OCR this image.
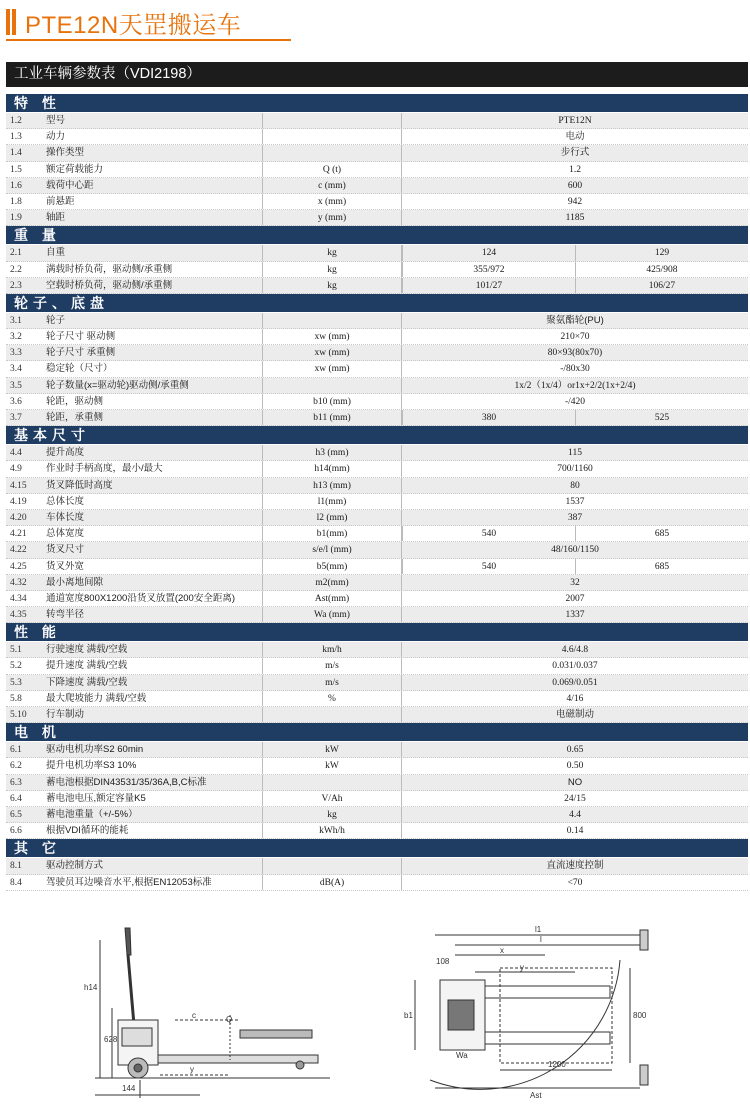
PTE12N天罡搬运车
工业车辆参数表（VDI2198）
特 性
1.2	型号	PTE12N
1.3	动力	电动
1.4	操作类型	步行式
1.5	额定荷载能力	Q (t)	1.2
1.6	载荷中心距	c (mm)	600
1.8	前悬距	x (mm)	942
1.9	轴距	y (mm)	1185
重 量
2.1	自重	kg	124	129
2.2	满载时桥负荷，驱动侧/承重侧	kg	355/972	425/908
2.3	空载时桥负荷，驱动侧/承重侧	kg	101/27	106/27
轮子、底盘
3.1	轮子	聚氨酯轮(PU)
3.2	轮子尺寸 驱动侧	xw (mm)	210×70
3.3	轮子尺寸 承重侧	xw (mm)	80×93(80x70)
3.4	稳定轮（尺寸）	xw (mm)	-/80x30
3.5	轮子数量(x=驱动轮)驱动侧/承重侧	1x/2（1x/4）or1x+2/2(1x+2/4)
3.6	轮距，驱动侧	b10 (mm)	-/420
3.7	轮距，承重侧	b11 (mm)	380	525
基本尺寸
4.4	提升高度	h3 (mm)	115
4.9	作业时手柄高度，最小/最大	h14(mm)	700/1160
4.15	货叉降低时高度	h13 (mm)	80
4.19	总体长度	l1(mm)	1537
4.20	车体长度	l2 (mm)	387
4.21	总体宽度	b1(mm)	540	685
4.22	货叉尺寸	s/e/l (mm)	48/160/1150
4.25	货叉外宽	b5(mm)	540	685
4.32	最小离地间隙	m2(mm)	32
4.34	通道宽度800X1200沿货叉放置(200安全距离)	Ast(mm)	2007
4.35	转弯半径	Wa (mm)	1337
性 能
5.1	行驶速度 满载/空载	km/h	4.6/4.8
5.2	提升速度 满载/空载	m/s	0.031/0.037
5.3	下降速度 满载/空载	m/s	0.069/0.051
5.8	最大爬坡能力 满载/空载	%	4/16
5.10	行车制动	电磁制动
电 机
6.1	驱动电机功率S2 60min	kW	0.65
6.2	提升电机功率S3 10%	kW	0.50
6.3	蓄电池根据DIN43531/35/36A,B,C标准	NO
6.4	蓄电池电压,额定容量K5	V/Ah	24/15
6.5	蓄电池重量（+/-5%）	kg	4.4
6.6	根据VDI循环的能耗	kWh/h	0.14
其 它
8.1	驱动控制方式	直流速度控制
8.4	驾驶员耳边噪音水平,根据EN12053标准	dB(A)	<70
h14
628
Q
c
y
144
108
l1
l
x
y
b1
Wa
800
1200
Ast
